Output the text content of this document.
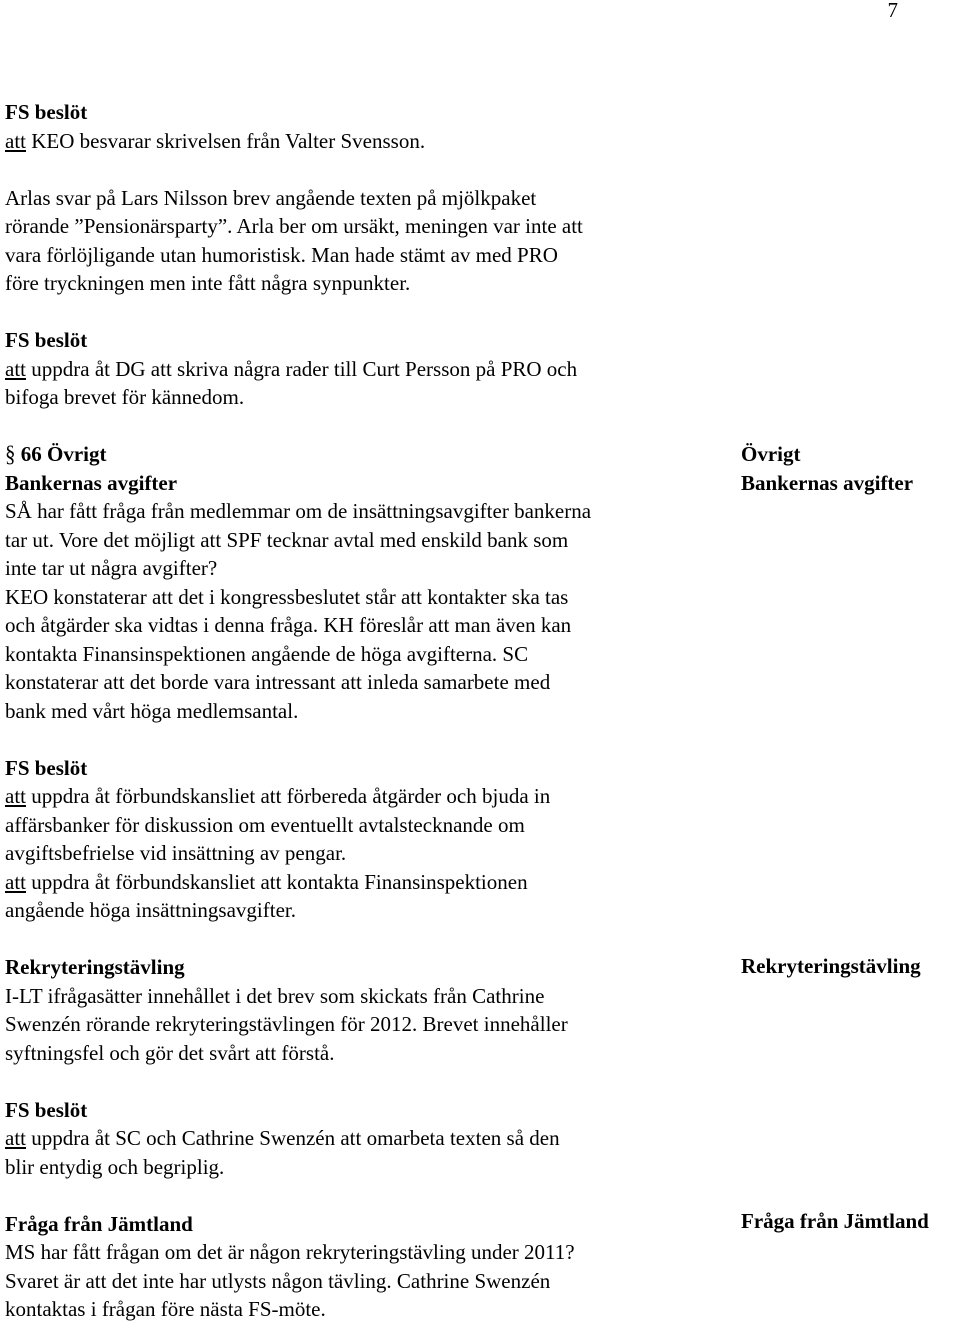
7

FS beslöt

att KEO besvarar skrivelsen från Valter Svensson.

Arlas svar på Lars Nilsson brev angående texten på mjölkpaket

rörande ”Pensionärsparty”. Arla ber om ursäkt, meningen var inte att

vara förlöjligande utan humoristisk. Man hade stämt av med PRO

före tryckningen men inte fått några synpunkter.

FS beslöt

att uppdra åt DG att skriva några rader till Curt Persson på PRO och

bifoga brevet för kännedom.

§ 66 Övrigt

Bankernas avgifter

SÅ har fått fråga från medlemmar om de insättningsavgifter bankerna

tar ut. Vore det möjligt att SPF tecknar avtal med enskild bank som

inte tar ut några avgifter?

KEO konstaterar att det i kongressbeslutet står att kontakter ska tas

och åtgärder ska vidtas i denna fråga. KH föreslår att man även kan

kontakta Finansinspektionen angående de höga avgifterna. SC

konstaterar att det borde vara intressant att inleda samarbete med

bank med vårt höga medlemsantal.

FS beslöt

att uppdra åt förbundskansliet att förbereda åtgärder och bjuda in

affärsbanker för diskussion om eventuellt avtalstecknande om

avgiftsbefrielse vid insättning av pengar.

att uppdra åt förbundskansliet att kontakta Finansinspektionen

angående höga insättningsavgifter.

Rekryteringstävling

I-LT ifrågasätter innehållet i det brev som skickats från Cathrine

Swenzén rörande rekryteringstävlingen för 2012. Brevet innehåller

syftningsfel och gör det svårt att förstå.

FS beslöt

att uppdra åt SC och Cathrine Swenzén att omarbeta texten så den

blir entydig och begriplig.

Fråga från Jämtland

MS har fått frågan om det är någon rekryteringstävling under 2011?

Svaret är att det inte har utlysts någon tävling. Cathrine Swenzén

kontaktas i frågan före nästa FS-möte.

Övrigt

Bankernas avgifter

Rekryteringstävling

Fråga från Jämtland
